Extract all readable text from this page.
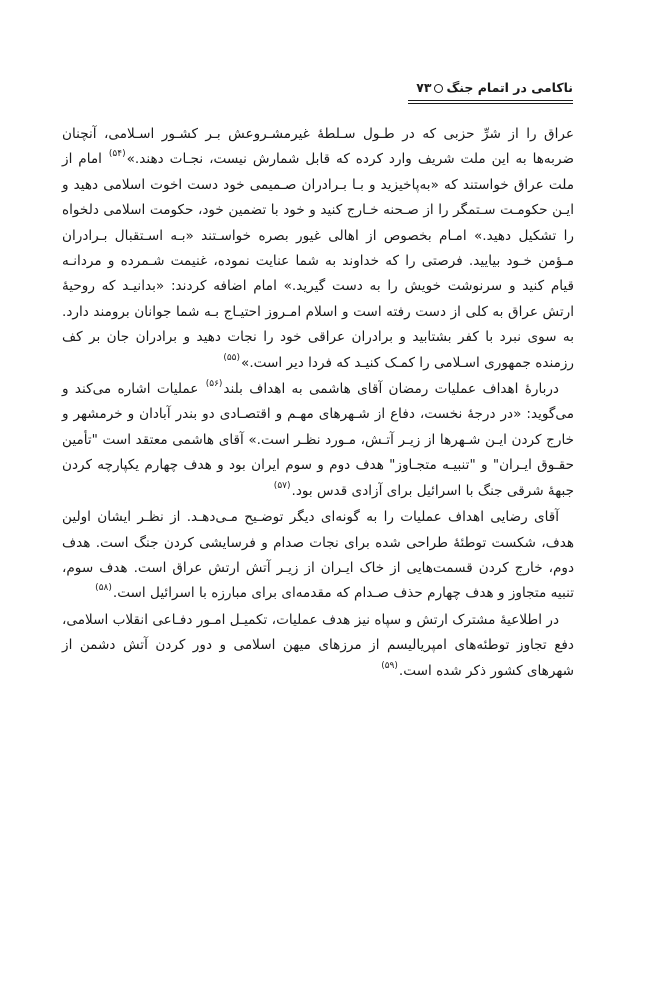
ناکامی در اتمام جنگ۷۳

عراق را از شرِّ حزبی که در طـول سـلطهٔ غیرمشـروعش بـر کشـور اسـلامی، آنچنان ضربه‌ها به این ملت شریف وارد کرده که قابل شمارش نیست، نجـات دهند.»$^{(۵۴)}$ امام از ملت عراق خواستند که «به‌پاخیزید و بـا بـرادران صـمیمی خود دست اخوت اسلامی دهید و ایـن حکومـت سـتمگر را از صـحنه خـارج کنید و خود با تضمین خود، حکومت اسلامی دلخواه را تشکیل دهید.» امـام بخصوص از اهالی غیور بصره خواسـتند «بـه اسـتقبال بـرادران مـؤمن خـود بیایید. فرصتی را که خداوند به شما عنایت نموده، غنیمت شـمرده و مردانـه قیام کنید و سرنوشت خویش را به دست گیرید.» امام اضافه کردند: «بدانیـد که روحیهٔ ارتش عراق به کلی از دست رفته است و اسلام امـروز احتیـاج بـه شما جوانان برومند دارد. به سوی نبرد با کفر بشتابید و برادران عراقی خود را نجات دهید و برادران جان بر کف رزمنده جمهوری اسـلامی را کمـک کنیـد که فردا دیر است.»$^{(۵۵)}$

دربارهٔ اهداف عملیات رمضان آقای هاشمی به اهداف بلند$^{(۵۶)}$ عملیات اشاره می‌کند و می‌گوید: «در درجهٔ نخست، دفاع از شـهرهای مهـم و اقتصـادی دو بندر آبادان و خرمشهر و خارج کردن ایـن شـهرها از زیـر آتـش، مـورد نظـر است.» آقای هاشمی معتقد است "تأمین حقـوق ایـران" و "تنبیـه متجـاوز" هدف دوم و سوم ایران بود و هدف چهارم یکپارچه کردن جبههٔ شرقی جنگ با اسرائیل برای آزادی قدس بود.$^{(۵۷)}$

آقای رضایی اهداف عملیات را به گونه‌ای دیگر توضـیح مـی‌دهـد. از نظـر ایشان اولین هدف، شکست توطئهٔ طراحی شده برای نجات صدام و فرسایشی کردن جنگ است. هدف دوم، خارج کردن قسمت‌هایی از خاک ایـران از زیـر آتش ارتش عراق است. هدف سوم، تنبیه متجاوز و هدف چهارم حذف صـدام که مقدمه‌ای برای مبارزه با اسرائیل است.$^{(۵۸)}$

در اطلاعیهٔ مشترک ارتش و سپاه نیز هدف عملیات، تکمیـل امـور دفـاعی انقلاب اسلامی، دفع تجاوز توطئه‌های امپریالیسم از مرزهای میهن اسلامی و دور کردن آتش دشمن از شهرهای کشور ذکر شده است.$^{(۵۹)}$
